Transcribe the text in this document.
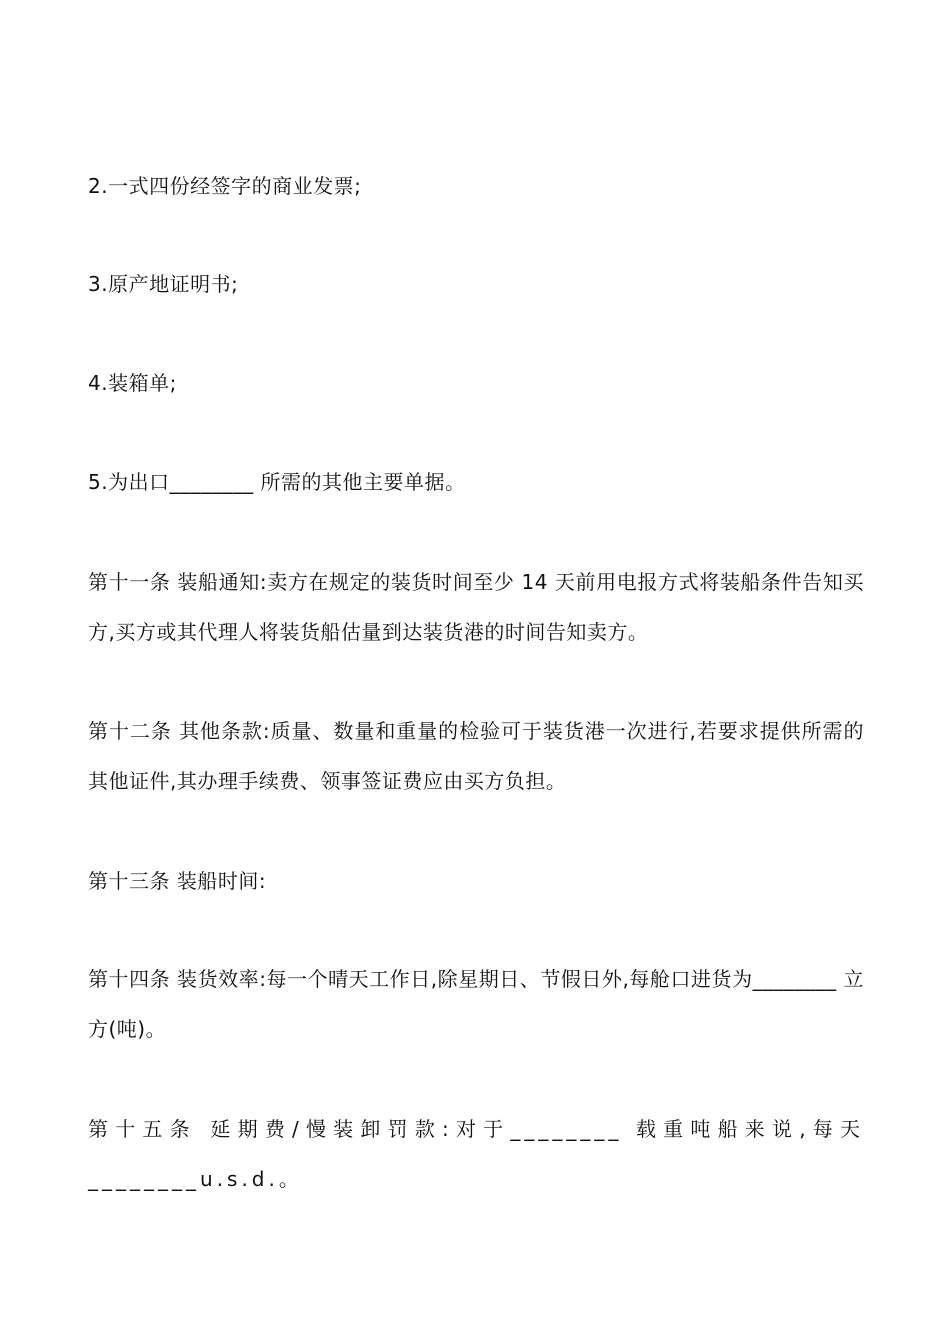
2.一式四份经签字的商业发票;

3.原产地证明书;

4.装箱单;

5.为出口________ 所需的其他主要单据。

第十一条 装船通知:卖方在规定的装货时间至少 14 天前用电报方式将装船条件告知买方,买方或其代理人将装货船估量到达装货港的时间告知卖方。

第十二条 其他条款:质量、数量和重量的检验可于装货港一次进行,若要求提供所需的其他证件,其办理手续费、领事签证费应由买方负担。

第十三条 装船时间:

第十四条 装货效率:每一个晴天工作日,除星期日、节假日外,每舱口进货为________ 立方(吨)。

第十五条 延期费/慢装卸罚款:对于________ 载重吨船来说,每天________u.s.d.。
